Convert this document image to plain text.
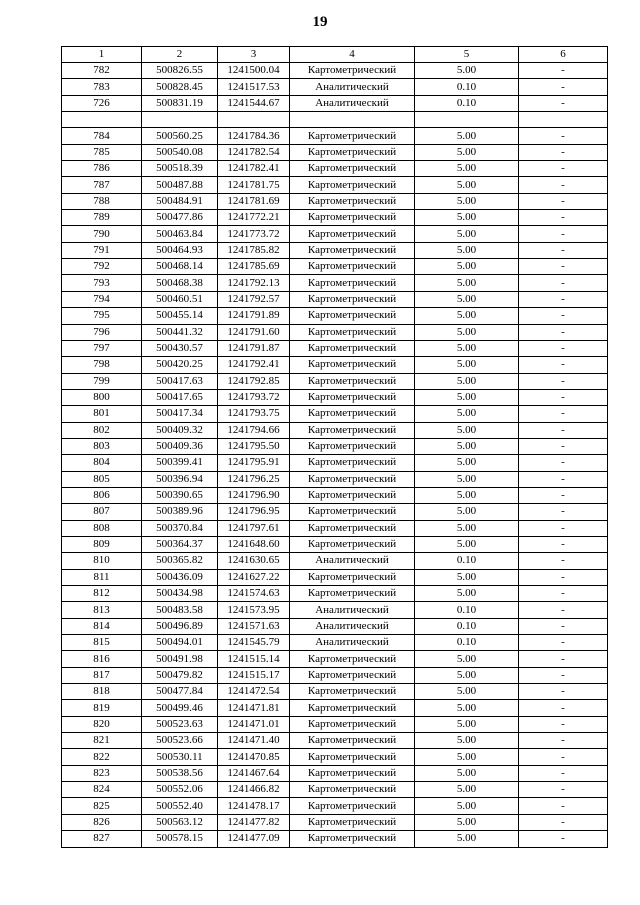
19
1	2	3	4	5	6
782	500826.55	1241500.04	Картометрический	5.00	-
783	500828.45	1241517.53	Аналитический	0.10	-
726	500831.19	1241544.67	Аналитический	0.10	-

784	500560.25	1241784.36	Картометрический	5.00	-
785	500540.08	1241782.54	Картометрический	5.00	-
786	500518.39	1241782.41	Картометрический	5.00	-
787	500487.88	1241781.75	Картометрический	5.00	-
788	500484.91	1241781.69	Картометрический	5.00	-
789	500477.86	1241772.21	Картометрический	5.00	-
790	500463.84	1241773.72	Картометрический	5.00	-
791	500464.93	1241785.82	Картометрический	5.00	-
792	500468.14	1241785.69	Картометрический	5.00	-
793	500468.38	1241792.13	Картометрический	5.00	-
794	500460.51	1241792.57	Картометрический	5.00	-
795	500455.14	1241791.89	Картометрический	5.00	-
796	500441.32	1241791.60	Картометрический	5.00	-
797	500430.57	1241791.87	Картометрический	5.00	-
798	500420.25	1241792.41	Картометрический	5.00	-
799	500417.63	1241792.85	Картометрический	5.00	-
800	500417.65	1241793.72	Картометрический	5.00	-
801	500417.34	1241793.75	Картометрический	5.00	-
802	500409.32	1241794.66	Картометрический	5.00	-
803	500409.36	1241795.50	Картометрический	5.00	-
804	500399.41	1241795.91	Картометрический	5.00	-
805	500396.94	1241796.25	Картометрический	5.00	-
806	500390.65	1241796.90	Картометрический	5.00	-
807	500389.96	1241796.95	Картометрический	5.00	-
808	500370.84	1241797.61	Картометрический	5.00	-
809	500364.37	1241648.60	Картометрический	5.00	-
810	500365.82	1241630.65	Аналитический	0.10	-
811	500436.09	1241627.22	Картометрический	5.00	-
812	500434.98	1241574.63	Картометрический	5.00	-
813	500483.58	1241573.95	Аналитический	0.10	-
814	500496.89	1241571.63	Аналитический	0.10	-
815	500494.01	1241545.79	Аналитический	0.10	-
816	500491.98	1241515.14	Картометрический	5.00	-
817	500479.82	1241515.17	Картометрический	5.00	-
818	500477.84	1241472.54	Картометрический	5.00	-
819	500499.46	1241471.81	Картометрический	5.00	-
820	500523.63	1241471.01	Картометрический	5.00	-
821	500523.66	1241471.40	Картометрический	5.00	-
822	500530.11	1241470.85	Картометрический	5.00	-
823	500538.56	1241467.64	Картометрический	5.00	-
824	500552.06	1241466.82	Картометрический	5.00	-
825	500552.40	1241478.17	Картометрический	5.00	-
826	500563.12	1241477.82	Картометрический	5.00	-
827	500578.15	1241477.09	Картометрический	5.00	-
